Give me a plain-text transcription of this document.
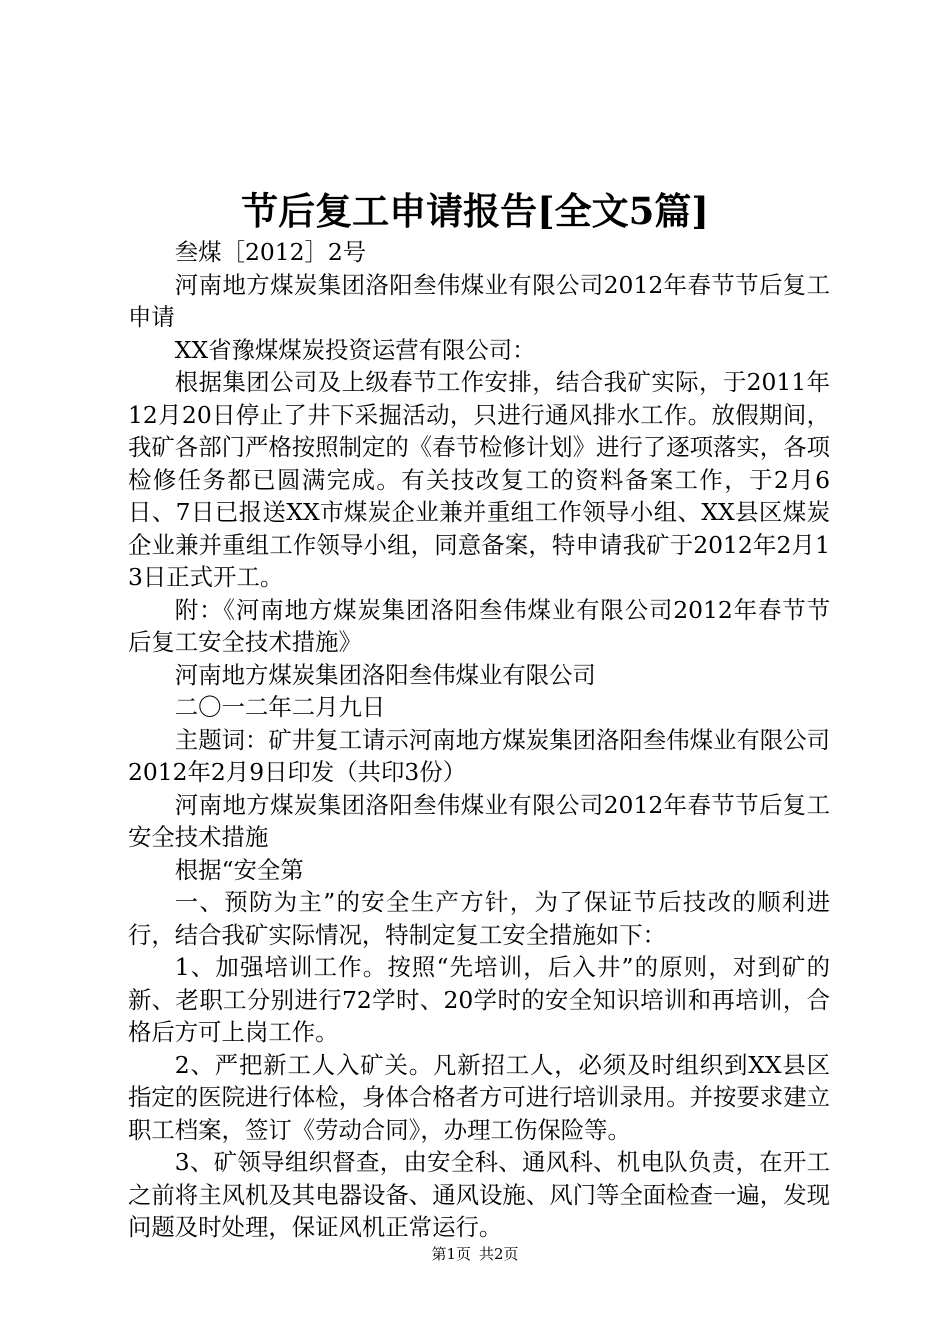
节后复工申请报告[全文5篇]

叁煤［2012］2号

河南地方煤炭集团洛阳叁伟煤业有限公司2012年春节节后复工申请

XX省豫煤煤炭投资运营有限公司：

根据集团公司及上级春节工作安排，结合我矿实际，于2011年12月20日停止了井下采掘活动，只进行通风排水工作。放假期间，我矿各部门严格按照制定的《春节检修计划》进行了逐项落实，各项检修任务都已圆满完成。有关技改复工的资料备案工作，于2月6日、7日已报送XX市煤炭企业兼并重组工作领导小组、XX县区煤炭企业兼并重组工作领导小组，同意备案，特申请我矿于2012年2月13日正式开工。

附：《河南地方煤炭集团洛阳叁伟煤业有限公司2012年春节节后复工安全技术措施》

河南地方煤炭集团洛阳叁伟煤业有限公司

二〇一二年二月九日

主题词：矿井复工请示河南地方煤炭集团洛阳叁伟煤业有限公司2012年2月9日印发（共印3份）

河南地方煤炭集团洛阳叁伟煤业有限公司2012年春节节后复工安全技术措施

根据“安全第

一、预防为主”的安全生产方针，为了保证节后技改的顺利进行，结合我矿实际情况，特制定复工安全措施如下：

1、加强培训工作。按照“先培训，后入井”的原则，对到矿的新、老职工分别进行72学时、20学时的安全知识培训和再培训，合格后方可上岗工作。

2、严把新工人入矿关。凡新招工人，必须及时组织到XX县区指定的医院进行体检，身体合格者方可进行培训录用。并按要求建立职工档案，签订《劳动合同》，办理工伤保险等。

3、矿领导组织督查，由安全科、通风科、机电队负责，在开工之前将主风机及其电器设备、通风设施、风门等全面检查一遍，发现问题及时处理，保证风机正常运行。

第1页 共2页
